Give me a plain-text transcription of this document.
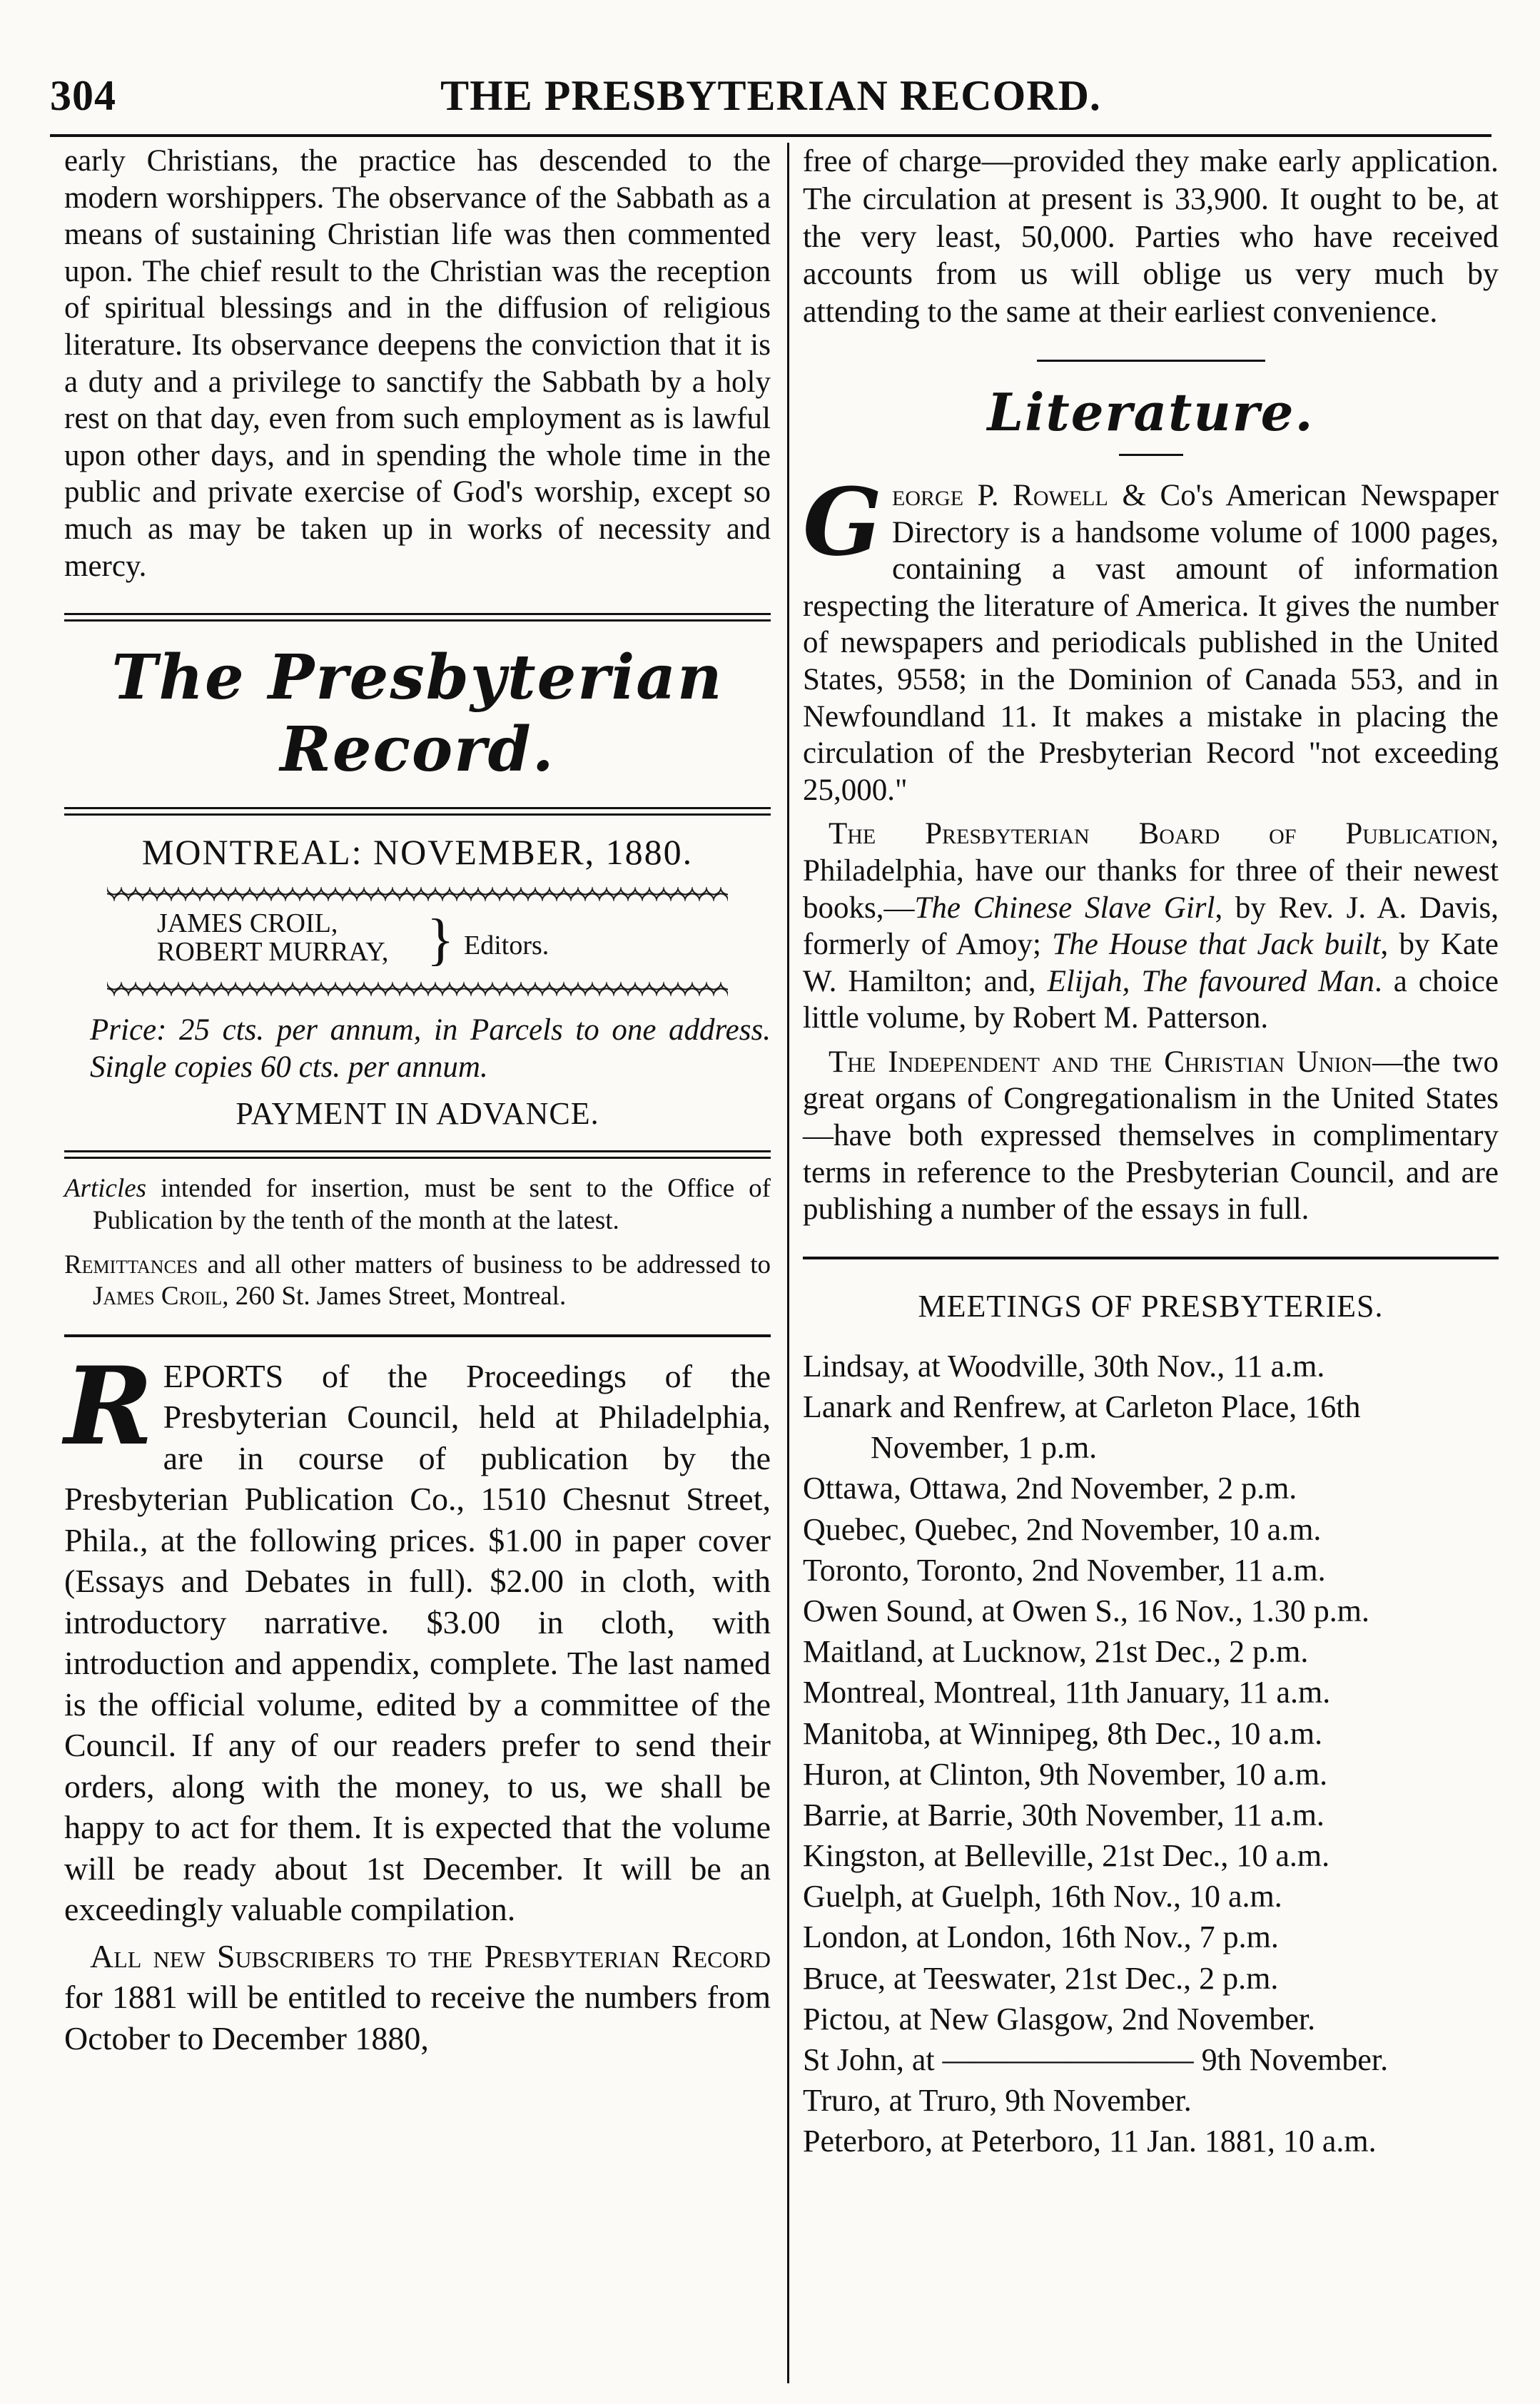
304	THE PRESBYTERIAN RECORD.

early Christians, the practice has descended to the modern worshippers. The observance of the Sabbath as a means of sustaining Christian life was then commented upon. The chief result to the Christian was the reception of spiritual blessings and in the diffusion of religious literature. Its observance deepens the conviction that it is a duty and a privilege to sanctify the Sabbath by a holy rest on that day, even from such employment as is lawful upon other days, and in spending the whole time in the public and private exercise of God's worship, except so much as may be taken up in works of necessity and mercy.

The Presbyterian Record.
MONTREAL: NOVEMBER, 1880.
JAMES CROIL,
ROBERT MURRAY, } Editors.

Price: 25 cts. per annum, in Parcels to one address. Single copies 60 cts. per annum.

PAYMENT IN ADVANCE.

Articles intended for insertion, must be sent to the Office of Publication by the tenth of the month at the latest.

Remittances and all other matters of business to be addressed to James Croil, 260 St. James Street, Montreal.

REPORTS of the Proceedings of the Presbyterian Council, held at Philadelphia, are in course of publication by the Presbyterian Publication Co., 1510 Chesnut Street, Phila., at the following prices. $1.00 in paper cover (Essays and Debates in full). $2.00 in cloth, with introductory narrative. $3.00 in cloth, with introduction and appendix, complete. The last named is the official volume, edited by a committee of the Council. If any of our readers prefer to send their orders, along with the money, to us, we shall be happy to act for them. It is expected that the volume will be ready about 1st December. It will be an exceedingly valuable compilation.

All new Subscribers to the Presbyterian Record for 1881 will be entitled to receive the numbers from October to December 1880,

free of charge—provided they make early application. The circulation at present is 33,900. It ought to be, at the very least, 50,000. Parties who have received accounts from us will oblige us very much by attending to the same at their earliest convenience.

Literature.

George P. Rowell & Co's American Newspaper Directory is a handsome volume of 1000 pages, containing a vast amount of information respecting the literature of America. It gives the number of newspapers and periodicals published in the United States, 9558; in the Dominion of Canada 553, and in Newfoundland 11. It makes a mistake in placing the circulation of the Presbyterian Record "not exceeding 25,000."

The Presbyterian Board of Publication, Philadelphia, have our thanks for three of their newest books,—The Chinese Slave Girl, by Rev. J. A. Davis, formerly of Amoy; The House that Jack built, by Kate W. Hamilton; and, Elijah, The favoured Man. a choice little volume, by Robert M. Patterson.

The Independent and the Christian Union—the two great organs of Congregationalism in the United States—have both expressed themselves in complimentary terms in reference to the Presbyterian Council, and are publishing a number of the essays in full.

MEETINGS OF PRESBYTERIES.
Lindsay, at Woodville, 30th Nov., 11 a.m.
Lanark and Renfrew, at Carleton Place, 16th November, 1 p.m.
Ottawa, Ottawa, 2nd November, 2 p.m.
Quebec, Quebec, 2nd November, 10 a.m.
Toronto, Toronto, 2nd November, 11 a.m.
Owen Sound, at Owen S., 16 Nov., 1.30 p.m.
Maitland, at Lucknow, 21st Dec., 2 p.m.
Montreal, Montreal, 11th January, 11 a.m.
Manitoba, at Winnipeg, 8th Dec., 10 a.m.
Huron, at Clinton, 9th November, 10 a.m.
Barrie, at Barrie, 30th November, 11 a.m.
Kingston, at Belleville, 21st Dec., 10 a.m.
Guelph, at Guelph, 16th Nov., 10 a.m.
London, at London, 16th Nov., 7 p.m.
Bruce, at Teeswater, 21st Dec., 2 p.m.
Pictou, at New Glasgow, 2nd November.
St John, at ———————— 9th November.
Truro, at Truro, 9th November.
Peterboro, at Peterboro, 11 Jan. 1881, 10 a.m.
